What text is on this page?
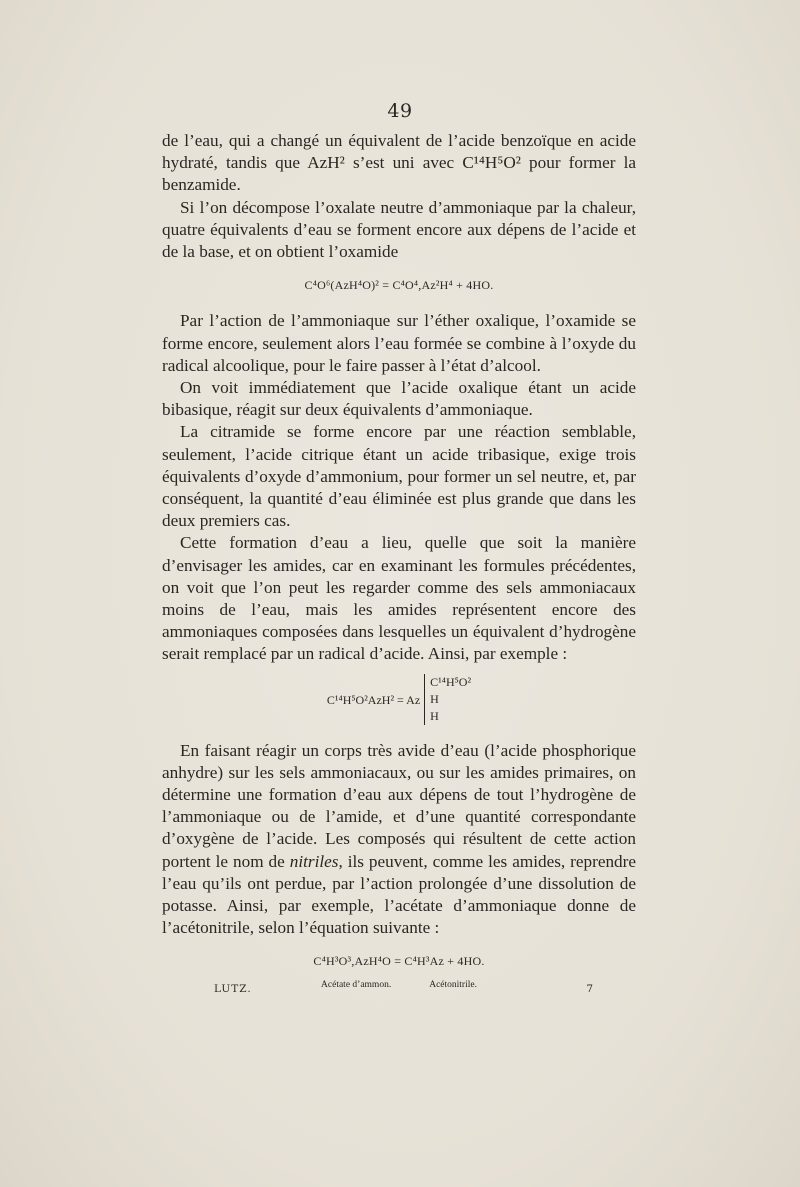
49

de l’eau, qui a changé un équivalent de l’acide benzoïque en acide hydraté, tandis que AzH² s’est uni avec C¹⁴H⁵O² pour former la benzamide.

Si l’on décompose l’oxalate neutre d’ammoniaque par la chaleur, quatre équivalents d’eau se forment encore aux dépens de l’acide et de la base, et on obtient l’oxamide

C⁴O⁶(AzH⁴O)² = C⁴O⁴,Az²H⁴ + 4HO.

Par l’action de l’ammoniaque sur l’éther oxalique, l’oxamide se forme encore, seulement alors l’eau formée se combine à l’oxyde du radical alcoolique, pour le faire passer à l’état d’alcool.

On voit immédiatement que l’acide oxalique étant un acide bibasique, réagit sur deux équivalents d’ammoniaque.

La citramide se forme encore par une réaction semblable, seulement, l’acide citrique étant un acide tribasique, exige trois équivalents d’oxyde d’ammonium, pour former un sel neutre, et, par conséquent, la quantité d’eau éliminée est plus grande que dans les deux premiers cas.

Cette formation d’eau a lieu, quelle que soit la manière d’envisager les amides, car en examinant les formules précédentes, on voit que l’on peut les regarder comme des sels ammoniacaux moins de l’eau, mais les amides représentent encore des ammoniaques composées dans lesquelles un équivalent d’hydrogène serait remplacé par un radical d’acide. Ainsi, par exemple :

C¹⁴H⁵O²AzH² = Az
C¹⁴H⁵O²
H
H

En faisant réagir un corps très avide d’eau (l’acide phosphorique anhydre) sur les sels ammoniacaux, ou sur les amides primaires, on détermine une formation d’eau aux dépens de tout l’hydrogène de l’ammoniaque ou de l’amide, et d’une quantité correspondante d’oxygène de l’acide. Les composés qui résultent de cette action portent le nom de nitriles, ils peuvent, comme les amides, reprendre l’eau qu’ils ont perdue, par l’action prolongée d’une dissolution de potasse. Ainsi, par exemple, l’acétate d’ammoniaque donne de l’acétonitrile, selon l’équation suivante :

C⁴H³O³,AzH⁴O = C⁴H³Az + 4HO.
Acétate d’ammon.	Acétonitrile.
LUTZ.	7
